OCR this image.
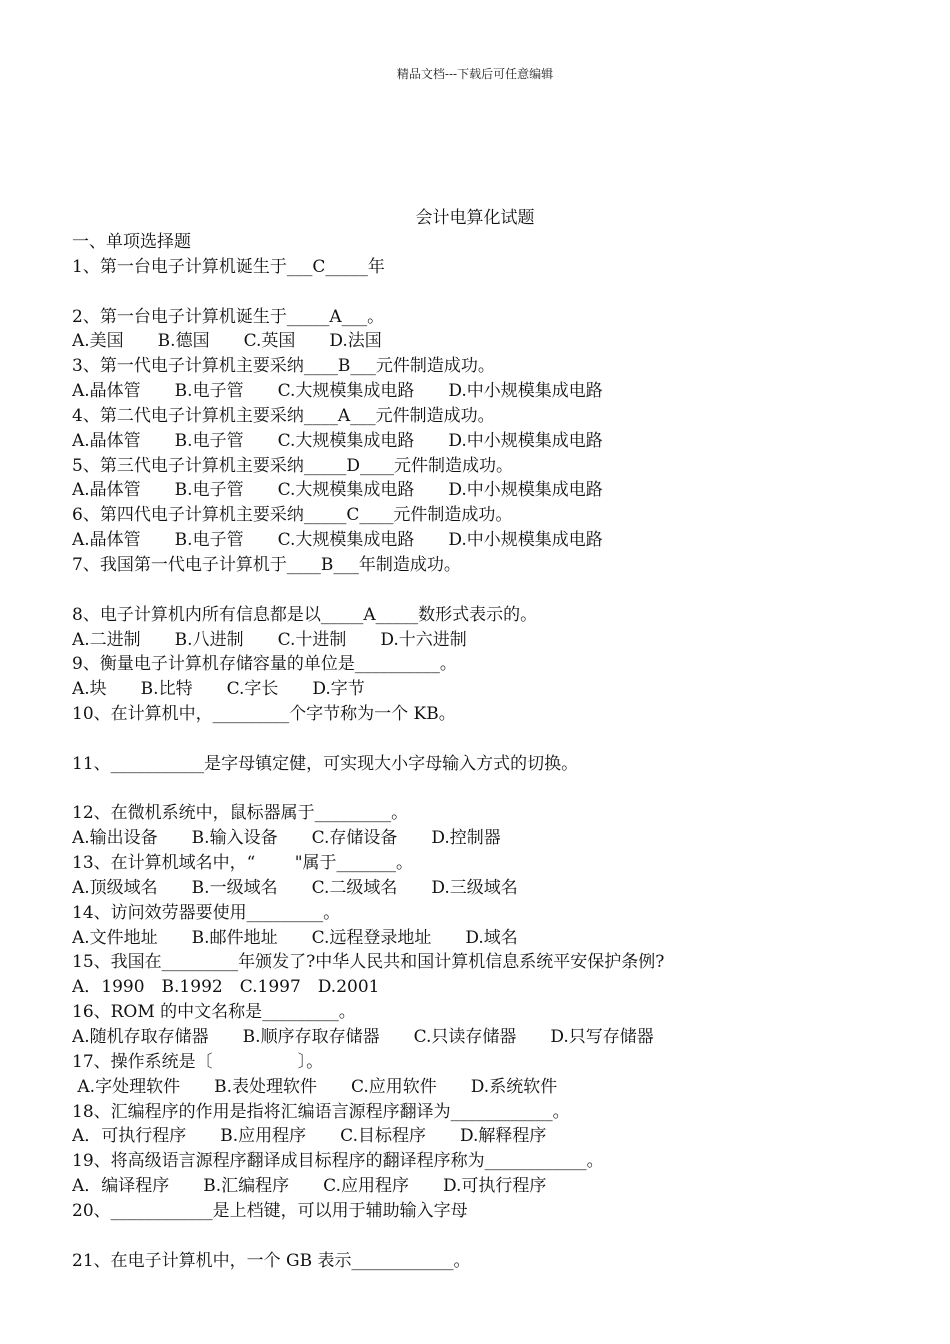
精品文档---下载后可任意编辑
会计电算化试题
一、单项选择题
1、第一台电子计算机诞生于___C_____年
2、第一台电子计算机诞生于_____A___。
A.美国　　B.德国　　C.英国　　D.法国
3、第一代电子计算机主要采纳____B___元件制造成功。
A.晶体管　　B.电子管　　C.大规模集成电路　　D.中小规模集成电路
4、第二代电子计算机主要采纳____A___元件制造成功。
A.晶体管　　B.电子管　　C.大规模集成电路　　D.中小规模集成电路
5、第三代电子计算机主要采纳_____D____元件制造成功。
A.晶体管　　B.电子管　　C.大规模集成电路　　D.中小规模集成电路
6、第四代电子计算机主要采纳_____C____元件制造成功。
A.晶体管　　B.电子管　　C.大规模集成电路　　D.中小规模集成电路
7、我国第一代电子计算机于____B___年制造成功。
8、电子计算机内所有信息都是以_____A_____数形式表示的。
A.二进制　　B.八进制　　C.十进制　　D.十六进制
9、衡量电子计算机存储容量的单位是__________。
A.块　　B.比特　　C.字长　　D.字节
10、在计算机中，_________个字节称为一个 KB。
11、___________是字母镇定健，可实现大小字母输入方式的切换。
12、在微机系统中，鼠标器属于_________。
A.输出设备　　B.输入设备　　C.存储设备　　D.控制器
13、在计算机域名中，“　　 "属于_______。
A.顶级域名　　B.一级域名　　C.二级域名　　D.三级域名
14、访问效劳器要使用_________。
A.文件地址　　B.邮件地址　　C.远程登录地址　　D.域名
15、我国在_________年颁发了?中华人民共和国计算机信息系统平安保护条例?
A．1990　B.1992　C.1997　D.2001
16、ROM 的中文名称是_________。
A.随机存取存储器　　B.顺序存取存储器　　C.只读存储器　　D.只写存储器
17、操作系统是〔　　　　　〕。
A.字处理软件　　B.表处理软件　　C.应用软件　　D.系统软件
18、汇编程序的作用是指将汇编语言源程序翻译为____________。
A．可执行程序　　B.应用程序　　C.目标程序　　D.解释程序
19、将高级语言源程序翻译成目标程序的翻译程序称为____________。
A．编译程序　　B.汇编程序　　C.应用程序　　D.可执行程序
20、____________是上档键，可以用于辅助输入字母
21、在电子计算机中，一个 GB 表示____________。
